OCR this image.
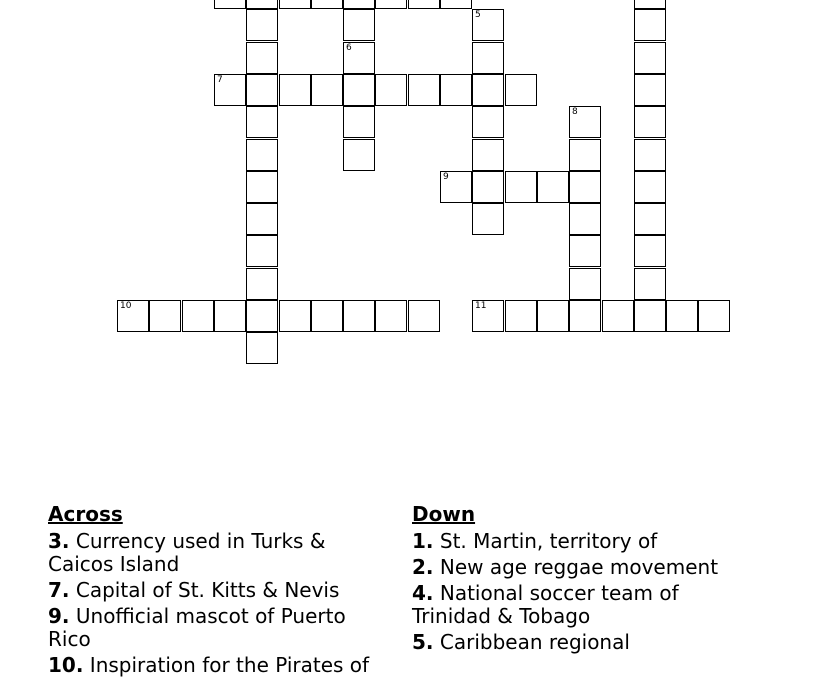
6
5
7
8
9
10	11
Across
3. Currency used in Turks & Caicos Island
7. Capital of St. Kitts & Nevis
9. Unofficial mascot of Puerto Rico
10. Inspiration for the Pirates of
Down
1. St. Martin, territory of
2. New age reggae movement
4. National soccer team of Trinidad & Tobago
5. Caribbean regional
